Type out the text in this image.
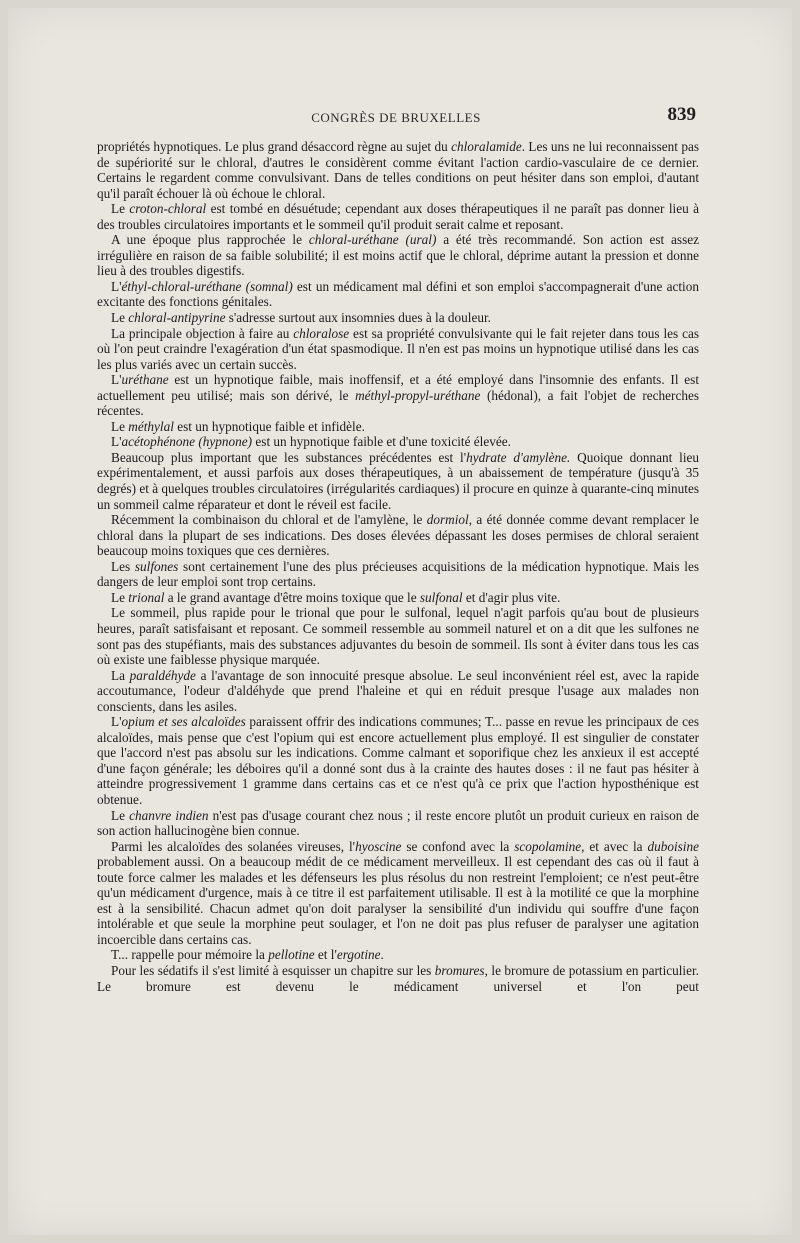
CONGRÈS DE BRUXELLES	839

propriétés hypnotiques. Le plus grand désaccord règne au sujet du chloralamide. Les uns ne lui reconnaissent pas de supériorité sur le chloral, d'autres le considèrent comme évitant l'action cardio-vasculaire de ce dernier. Certains le regardent comme convulsivant. Dans de telles conditions on peut hésiter dans son emploi, d'autant qu'il paraît échouer là où échoue le chloral.

Le croton-chloral est tombé en désuétude; cependant aux doses thérapeutiques il ne paraît pas donner lieu à des troubles circulatoires importants et le sommeil qu'il produit serait calme et reposant.

A une époque plus rapprochée le chloral-uréthane (ural) a été très recommandé. Son action est assez irrégulière en raison de sa faible solubilité; il est moins actif que le chloral, déprime autant la pression et donne lieu à des troubles digestifs.

L'éthyl-chloral-uréthane (somnal) est un médicament mal défini et son emploi s'accompagnerait d'une action excitante des fonctions génitales.

Le chloral-antipyrine s'adresse surtout aux insomnies dues à la douleur.

La principale objection à faire au chloralose est sa propriété convulsivante qui le fait rejeter dans tous les cas où l'on peut craindre l'exagération d'un état spasmodique. Il n'en est pas moins un hypnotique utilisé dans les cas les plus variés avec un certain succès.

L'uréthane est un hypnotique faible, mais inoffensif, et a été employé dans l'insomnie des enfants. Il est actuellement peu utilisé; mais son dérivé, le méthyl-propyl-uréthane (hédonal), a fait l'objet de recherches récentes.

Le méthylal est un hypnotique faible et infidèle.

L'acétophénone (hypnone) est un hypnotique faible et d'une toxicité élevée.

Beaucoup plus important que les substances précédentes est l'hydrate d'amylène. Quoique donnant lieu expérimentalement, et aussi parfois aux doses thérapeutiques, à un abaissement de température (jusqu'à 35 degrés) et à quelques troubles circulatoires (irrégularités cardiaques) il procure en quinze à quarante-cinq minutes un sommeil calme réparateur et dont le réveil est facile.

Récemment la combinaison du chloral et de l'amylène, le dormiol, a été donnée comme devant remplacer le chloral dans la plupart de ses indications. Des doses élevées dépassant les doses permises de chloral seraient beaucoup moins toxiques que ces dernières.

Les sulfones sont certainement l'une des plus précieuses acquisitions de la médication hypnotique. Mais les dangers de leur emploi sont trop certains.

Le trional a le grand avantage d'être moins toxique que le sulfonal et d'agir plus vite.

Le sommeil, plus rapide pour le trional que pour le sulfonal, lequel n'agit parfois qu'au bout de plusieurs heures, paraît satisfaisant et reposant. Ce sommeil ressemble au sommeil naturel et on a dit que les sulfones ne sont pas des stupéfiants, mais des substances adjuvantes du besoin de sommeil. Ils sont à éviter dans tous les cas où existe une faiblesse physique marquée.

La paraldéhyde a l'avantage de son innocuité presque absolue. Le seul inconvénient réel est, avec la rapide accoutumance, l'odeur d'aldéhyde que prend l'haleine et qui en réduit presque l'usage aux malades non conscients, dans les asiles.

L'opium et ses alcaloïdes paraissent offrir des indications communes; T... passe en revue les principaux de ces alcaloïdes, mais pense que c'est l'opium qui est encore actuellement plus employé. Il est singulier de constater que l'accord n'est pas absolu sur les indications. Comme calmant et soporifique chez les anxieux il est accepté d'une façon générale; les déboires qu'il a donné sont dus à la crainte des hautes doses : il ne faut pas hésiter à atteindre progressivement 1 gramme dans certains cas et ce n'est qu'à ce prix que l'action hyposthénique est obtenue.

Le chanvre indien n'est pas d'usage courant chez nous ; il reste encore plutôt un produit curieux en raison de son action hallucinogène bien connue.

Parmi les alcaloïdes des solanées vireuses, l'hyoscine se confond avec la scopolamine, et avec la duboisine probablement aussi. On a beaucoup médit de ce médicament merveilleux. Il est cependant des cas où il faut à toute force calmer les malades et les défenseurs les plus résolus du non restreint l'emploient; ce n'est peut-être qu'un médicament d'urgence, mais à ce titre il est parfaitement utilisable. Il est à la motilité ce que la morphine est à la sensibilité. Chacun admet qu'on doit paralyser la sensibilité d'un individu qui souffre d'une façon intolérable et que seule la morphine peut soulager, et l'on ne doit pas plus refuser de paralyser une agitation incoercible dans certains cas.

T... rappelle pour mémoire la pellotine et l'ergotine.

Pour les sédatifs il s'est limité à esquisser un chapitre sur les bromures, le bromure de potassium en particulier. Le bromure est devenu le médicament universel et l'on peut
